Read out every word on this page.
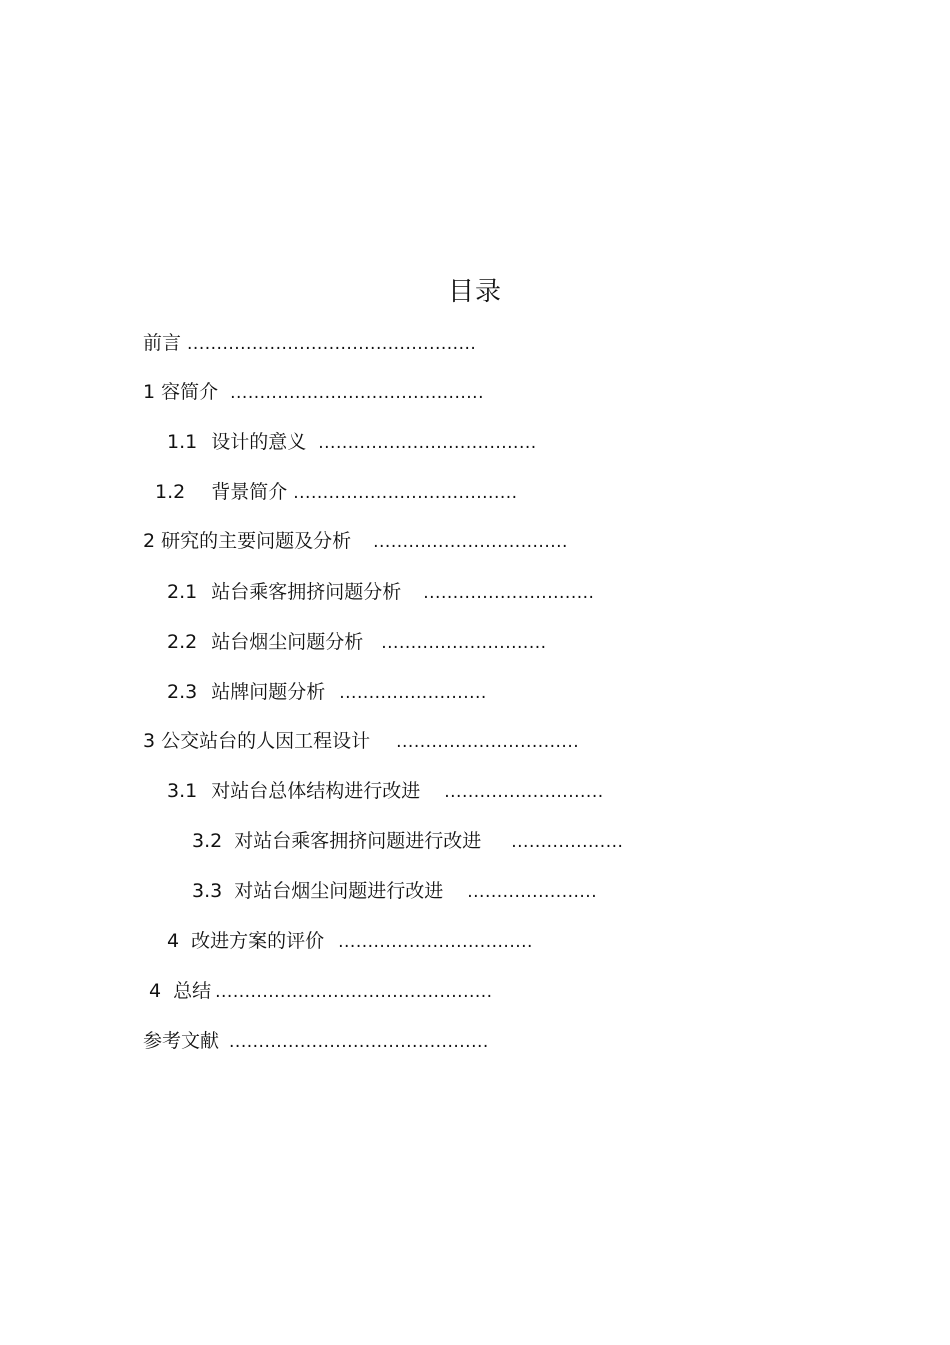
目录
前言 .................................................
1 容简介 ...........................................
1.1 设计的意义 .....................................
1.2 背景简介 ......................................
2 研究的主要问题及分析 .................................
2.1 站台乘客拥挤问题分析 .............................
2.2 站台烟尘问题分析 ............................
2.3 站牌问题分析 .........................
3 公交站台的人因工程设计 ...............................
3.1 对站台总体结构进行改进 ...........................
3.2 对站台乘客拥挤问题进行改进 ...................
3.3 对站台烟尘问题进行改进 ......................
4 改进方案的评价 .................................
4 总结 ...............................................
参考文献 ............................................
